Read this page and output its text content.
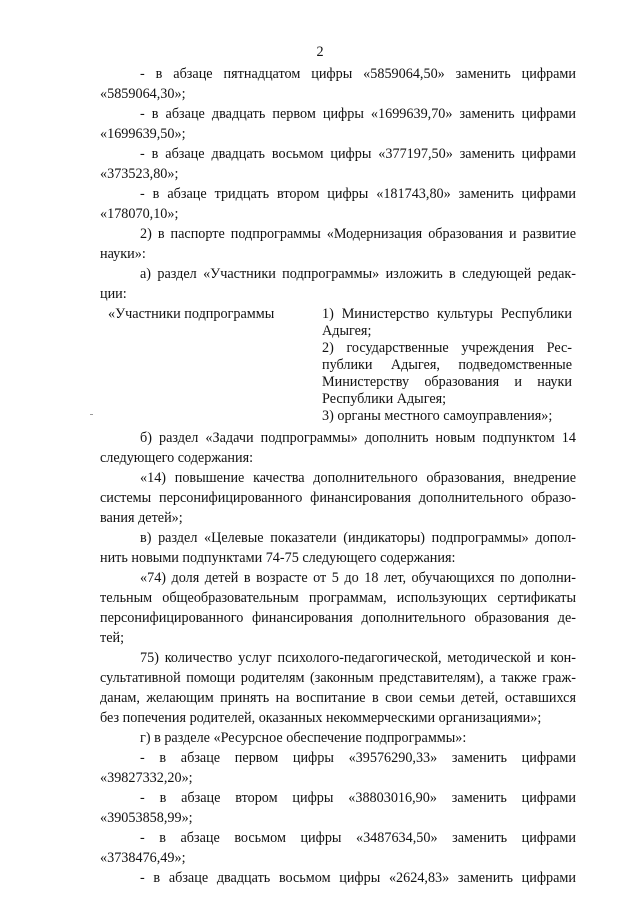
2
- в абзаце пятнадцатом цифры «5859064,50» заменить цифрами
«5859064,30»;
- в абзаце двадцать первом цифры «1699639,70» заменить цифрами
«1699639,50»;
- в абзаце двадцать восьмом цифры «377197,50» заменить цифрами
«373523,80»;
- в абзаце тридцать втором цифры «181743,80» заменить цифрами
«178070,10»;
2) в паспорте подпрограммы «Модернизация образования и развитие
науки»:
а) раздел «Участники подпрограммы» изложить в следующей редак-
ции:
«Участники подпрограммы	1) Министерство культуры Республики
Адыгея;
2) государственные учреждения Рес-
публики Адыгея, подведомственные
Министерству образования и науки
Республики Адыгея;
3) органы местного самоуправления»;
б) раздел «Задачи подпрограммы» дополнить новым подпунктом 14
следующего содержания:
«14) повышение качества дополнительного образования, внедрение
системы персонифицированного финансирования дополнительного образо-
вания детей»;
в) раздел «Целевые показатели (индикаторы) подпрограммы» допол-
нить новыми подпунктами 74-75 следующего содержания:
«74) доля детей в возрасте от 5 до 18 лет, обучающихся по дополни-
тельным общеобразовательным программам, использующих сертификаты
персонифицированного финансирования дополнительного образования де-
тей;
75) количество услуг психолого-педагогической, методической и кон-
сультативной помощи родителям (законным представителям), а также граж-
данам, желающим принять на воспитание в свои семьи детей, оставшихся
без попечения родителей, оказанных некоммерческими организациями»;
г) в разделе «Ресурсное обеспечение подпрограммы»:
- в абзаце первом цифры «39576290,33» заменить цифрами
«39827332,20»;
- в абзаце втором цифры «38803016,90» заменить цифрами
«39053858,99»;
- в абзаце восьмом цифры «3487634,50» заменить цифрами
«3738476,49»;
- в абзаце двадцать восьмом цифры «2624,83» заменить цифрами
